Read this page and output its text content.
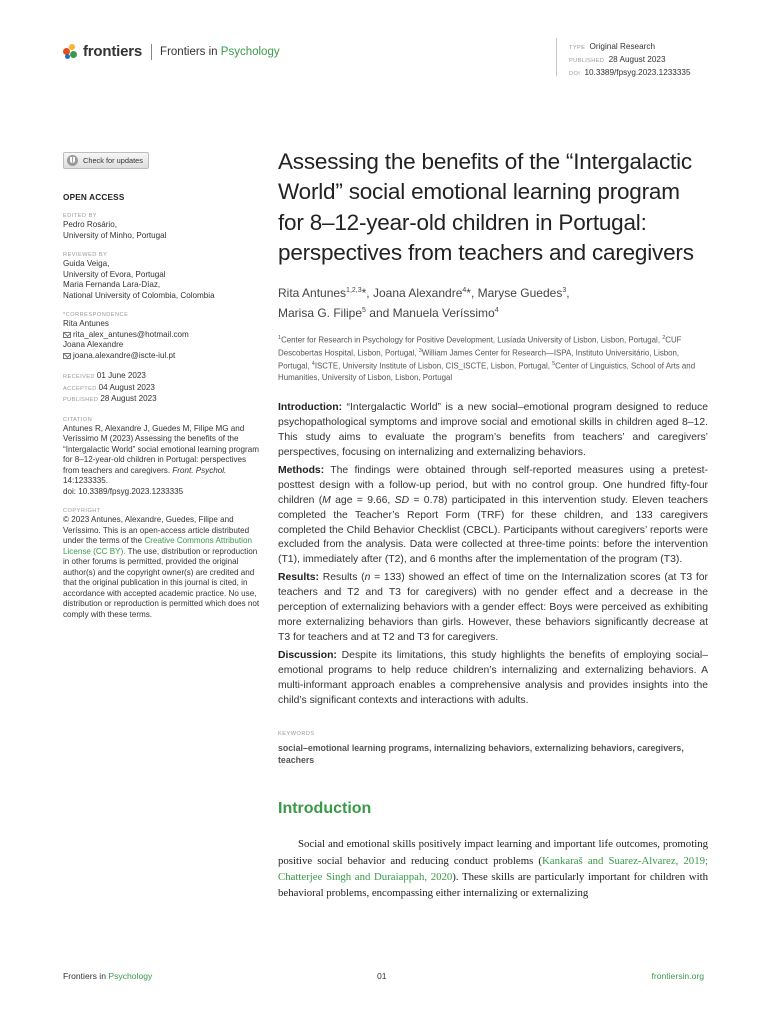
frontiers Frontiers in Psychology	TYPE Original Research
PUBLISHED 28 August 2023
DOI 10.3389/fpsyg.2023.1233335
Check for updates
OPEN ACCESS
EDITED BY
Pedro Rosário,
University of Minho, Portugal
REVIEWED BY
Guida Veiga,
University of Evora, Portugal
Maria Fernanda Lara-Díaz,
National University of Colombia, Colombia
*CORRESPONDENCE
Rita Antunes
rita_alex_antunes@hotmail.com
Joana Alexandre
joana.alexandre@iscte-iul.pt
RECEIVED 01 June 2023
ACCEPTED 04 August 2023
PUBLISHED 28 August 2023
CITATION
Antunes R, Alexandre J, Guedes M, Filipe MG and Veríssimo M (2023) Assessing the benefits of the “Intergalactic World” social emotional learning program for 8–12-year-old children in Portugal: perspectives from teachers and caregivers. Front. Psychol. 14:1233335.
doi: 10.3389/fpsyg.2023.1233335
COPYRIGHT
© 2023 Antunes, Alexandre, Guedes, Filipe and Veríssimo. This is an open-access article distributed under the terms of the Creative Commons Attribution License (CC BY). The use, distribution or reproduction in other forums is permitted, provided the original author(s) and the copyright owner(s) are credited and that the original publication in this journal is cited, in accordance with accepted academic practice. No use, distribution or reproduction is permitted which does not comply with these terms.
Assessing the benefits of the “Intergalactic World” social emotional learning program for 8–12-year-old children in Portugal: perspectives from teachers and caregivers
Rita Antunes$^{1,2,3}$*, Joana Alexandre$^4$*, Maryse Guedes$^3$,
Marisa G. Filipe$^5$ and Manuela Veríssimo$^4$
$^1$Center for Research in Psychology for Positive Development, Lusíada University of Lisbon, Lisbon, Portugal, $^2$CUF Descobertas Hospital, Lisbon, Portugal, $^3$William James Center for Research—ISPA, Instituto Universitário, Lisbon, Portugal, $^4$ISCTE, University Institute of Lisbon, CIS_ISCTE, Lisbon, Portugal, $^5$Center of Linguistics, School of Arts and Humanities, University of Lisbon, Lisbon, Portugal

Introduction: “Intergalactic World” is a new social–emotional program designed to reduce psychopathological symptoms and improve social and emotional skills in children aged 8–12. This study aims to evaluate the program’s benefits from teachers’ and caregivers’ perspectives, focusing on internalizing and externalizing behaviors.

Methods: The findings were obtained through self-reported measures using a pretest-posttest design with a follow-up period, but with no control group. One hundred fifty-four children (M age = 9.66, SD = 0.78) participated in this intervention study. Eleven teachers completed the Teacher’s Report Form (TRF) for these children, and 133 caregivers completed the Child Behavior Checklist (CBCL). Participants without caregivers’ reports were excluded from the analysis. Data were collected at three-time points: before the intervention (T1), immediately after (T2), and 6 months after the implementation of the program (T3).

Results: Results (n = 133) showed an effect of time on the Internalization scores (at T3 for teachers and T2 and T3 for caregivers) with no gender effect and a decrease in the perception of externalizing behaviors with a gender effect: Boys were perceived as exhibiting more externalizing behaviors than girls. However, these behaviors significantly decrease at T3 for teachers and at T2 and T3 for caregivers.

Discussion: Despite its limitations, this study highlights the benefits of employing social–emotional programs to help reduce children’s internalizing and externalizing behaviors. A multi-informant approach enables a comprehensive analysis and provides insights into the child’s significant contexts and interactions with adults.

KEYWORDS
social–emotional learning programs, internalizing behaviors, externalizing behaviors, caregivers, teachers
Introduction

Social and emotional skills positively impact learning and important life outcomes, promoting positive social behavior and reducing conduct problems (Kankaraš and Suarez-Alvarez, 2019; Chatterjee Singh and Duraiappah, 2020). These skills are particularly important for children with behavioral problems, encompassing either internalizing or externalizing

Frontiers in Psychology	01	frontiersin.org
